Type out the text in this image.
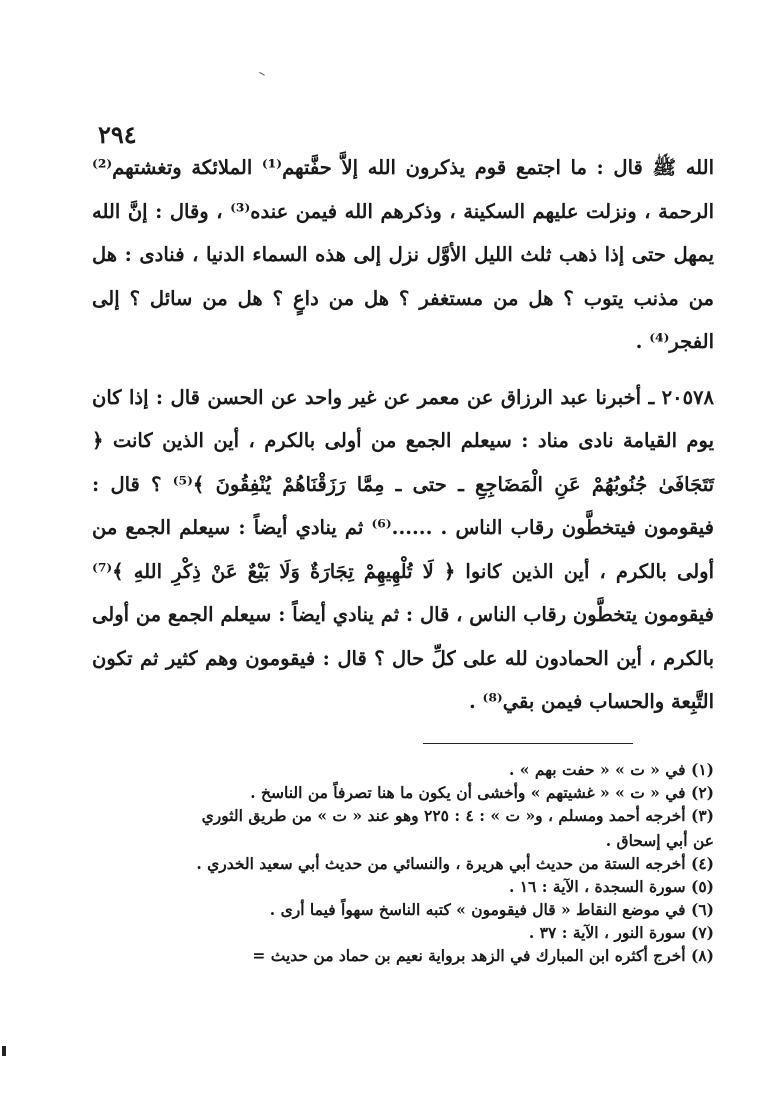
٢٩٤

الله ﷺ قال : ما اجتمع قوم يذكرون الله إلاَّ حفَّتهم⁽¹⁾ الملائكة وتغشتهم⁽²⁾ الرحمة ، ونزلت عليهم السكينة ، وذكرهم الله فيمن عنده⁽³⁾ ، وقال : إنَّ الله يمهل حتى إذا ذهب ثلث الليل الأوَّل نزل إلى هذه السماء الدنيا ، فنادى : هل من مذنب يتوب ؟ هل من مستغفر ؟ هل من داعٍ ؟ هل من سائل ؟ إلى الفجر⁽⁴⁾ .

٢٠٥٧٨ ـ أخبرنا عبد الرزاق عن معمر عن غير واحد عن الحسن قال : إذا كان يوم القيامة نادى مناد : سيعلم الجمع من أولى بالكرم ، أين الذين كانت ﴿ تَتَجَافَىٰ جُنُوبُهُمْ عَنِ الْمَضَاجِعِ ـ حتى ـ مِمَّا رَزَقْنَاهُمْ يُنْفِقُونَ ﴾⁽⁵⁾ ؟ قال : فيقومون فيتخطَّون رقاب الناس . ......⁽⁶⁾ ثم ينادي أيضاً : سيعلم الجمع من أولى بالكرم ، أين الذين كانوا ﴿ لَا تُلْهِيهِمْ تِجَارَةٌ وَلَا بَيْعٌ عَنْ ذِكْرِ اللهِ ﴾⁽⁷⁾ فيقومون يتخطَّون رقاب الناس ، قال : ثم ينادي أيضاً : سيعلم الجمع من أولى بالكرم ، أين الحمادون لله على كلِّ حال ؟ قال : فيقومون وهم كثير ثم تكون التَّبِعة والحساب فيمن بقي⁽⁸⁾ .

(١) في « ت » « حفت بهم » .

(٢) في « ت » « غشيتهم » وأخشى أن يكون ما هنا تصرفاً من الناسخ .

(٣) أخرجه أحمد ومسلم ، و« ت » : ٤ : ٢٢٥ وهو عند « ت » من طريق الثوري

عن أبي إسحاق .

(٤) أخرجه الستة من حديث أبي هريرة ، والنسائي من حديث أبي سعيد الخدري .

(٥) سورة السجدة ، الآية : ١٦ .

(٦) في موضع النقاط « قال فيقومون » كتبه الناسخ سهواً فيما أرى .

(٧) سورة النور ، الآية : ٣٧ .

(٨) أخرج أكثره ابن المبارك في الزهد برواية نعيم بن حماد من حديث =
